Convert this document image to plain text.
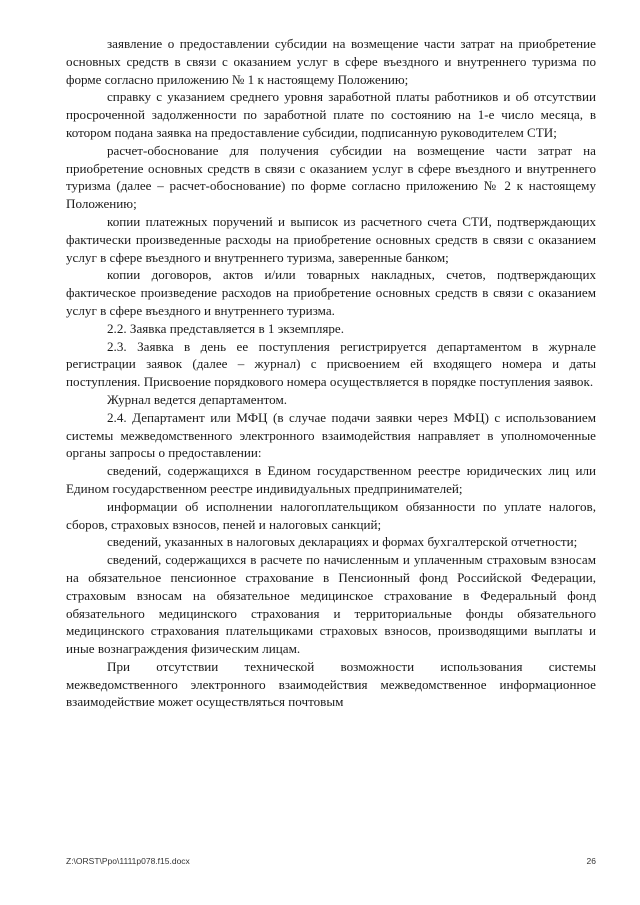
заявление о предоставлении субсидии на возмещение части затрат на приобретение основных средств в связи с оказанием услуг в сфере въездного и внутреннего туризма по форме согласно приложению № 1 к настоящему Положению;

справку с указанием среднего уровня заработной платы работников и об отсутствии просроченной задолженности по заработной плате по состоянию на 1-е число месяца, в котором подана заявка на предоставление субсидии, подписанную руководителем СТИ;

расчет-обоснование для получения субсидии на возмещение части затрат на приобретение основных средств в связи с оказанием услуг в сфере въездного и внутреннего туризма (далее – расчет-обоснование) по форме согласно приложению № 2 к настоящему Положению;

копии платежных поручений и выписок из расчетного счета СТИ, подтверждающих фактически произведенные расходы на приобретение основных средств в связи с оказанием услуг в сфере въездного и внутреннего туризма, заверенные банком;

копии договоров, актов и/или товарных накладных, счетов, подтверждающих фактическое произведение расходов на приобретение основных средств в связи с оказанием услуг в сфере въездного и внутреннего туризма.

2.2. Заявка представляется в 1 экземпляре.

2.3. Заявка в день ее поступления регистрируется департаментом в журнале регистрации заявок (далее – журнал) с присвоением ей входящего номера и даты поступления. Присвоение порядкового номера осуществляется в порядке поступления заявок.

Журнал ведется департаментом.

2.4. Департамент или МФЦ (в случае подачи заявки через МФЦ) с использованием системы межведомственного электронного взаимодействия направляет в уполномоченные органы запросы о предоставлении:

сведений, содержащихся в Едином государственном реестре юридических лиц или Едином государственном реестре индивидуальных предпринимателей;

информации об исполнении налогоплательщиком обязанности по уплате налогов, сборов, страховых взносов, пеней и налоговых санкций;

сведений, указанных в налоговых декларациях и формах бухгалтерской отчетности;

сведений, содержащихся в расчете по начисленным и уплаченным страховым взносам на обязательное пенсионное страхование в Пенсионный фонд Российской Федерации, страховым взносам на обязательное медицинское страхование в Федеральный фонд обязательного медицинского страхования и территориальные фонды обязательного медицинского страхования плательщиками страховых взносов, производящими выплаты и иные вознаграждения физическим лицам.

При отсутствии технической возможности использования системы межведомственного электронного взаимодействия межведомственное информационное взаимодействие может осуществляться почтовым

Z:\ORST\Ppo\1111p078.f15.docx	26
